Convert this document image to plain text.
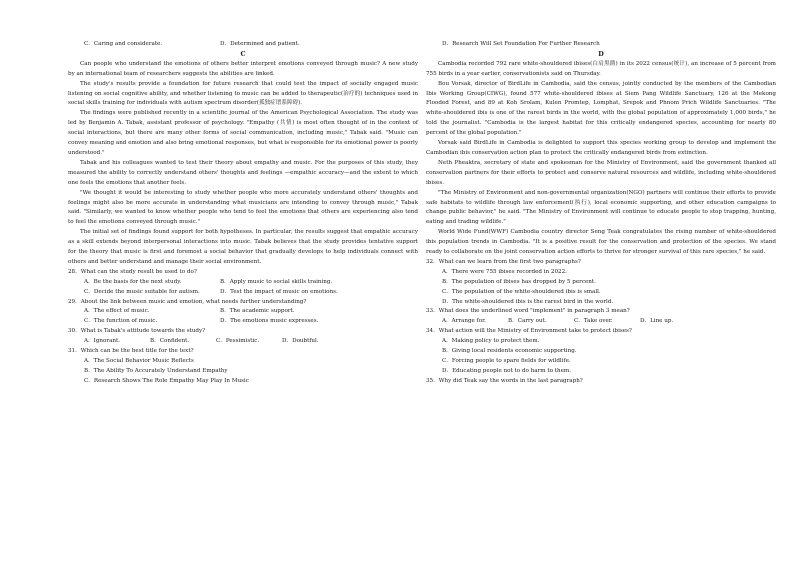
C．Caring and considerate.	D．Determined and patient.

C

Can people who understand the emotions of others better interpret emotions conveyed through music? A new study by an international team of researchers suggests the abilities are linked.

The study's results provide a foundation for future research that could test the impact of socially engaged music listening on social cognitive ability, and whether listening to music can be added to therapeutic(治疗的) techniques used in social skills training for individuals with autism spectrum disorder(孤独症谱系障碍).

The findings were published recently in a scientific journal of the American Psychological Association. The study was led by Benjamin A. Tabak, assistant professor of psychology. "Empathy (共情) is most often thought of in the context of social interactions, but there are many other forms of social communication, including music," Tabak said. "Music can convey meaning and emotion and also bring emotional responses, but what is responsible for its emotional power is poorly understood."

Tabak and his colleagues wanted to test their theory about empathy and music. For the purposes of this study, they measured the ability to correctly understand others' thoughts and feelings —empathic accuracy—and the extent to which one feels the emotions that another feels.

"We thought it would be interesting to study whether people who more accurately understand others' thoughts and feelings might also be more accurate in understanding what musicians are intending to convey through music," Tabak said. "Similarly, we wanted to know whether people who tend to feel the emotions that others are experiencing also tend to feel the emotions conveyed through music."

The initial set of findings found support for both hypotheses. In particular, the results suggest that empathic accuracy as a skill extends beyond interpersonal interactions into music. Tabak believes that the study provides tentative support for the theory that music is first and foremost a social behavior that gradually develops to help individuals connect with others and better understand and manage their social environment.

28．What can the study result be used to do?

A．Be the basis for the next study.	B．Apply music to social skills training.
C．Decide the music suitable for autism.	D．Test the impact of music on emotions.

29．About the link between music and emotion, what needs further understanding?

A．The effect of music.	B．The academic support.
C．The function of music.	D．The emotions music expresses.

30．What is Tabak's attitude towards the study?

A．Ignorant.	B．Confident.	C．Pessimistic.	D．Doubtful.

31．Which can be the best title for the text?

A．The Social Behavior Music Reflects

B．The Ability To Accurately Understand Empathy

C．Research Shows The Role Empathy May Play In Music

D．Research Will Set Foundation For Further Research

D

Cambodia recorded 792 rare white-shouldered ibises(白肩黑鹮) in its 2022 census(统计), an increase of 5 percent from 755 birds in a year earlier, conservationists said on Thursday.

Bou Vorsak, director of BirdLife in Cambodia, said the census, jointly conducted by the members of the Cambodian Ibis Working Group(CIWG), found 577 white-shouldered ibises at Siem Pang Wildlife Sanctuary, 126 at the Mekong Flooded Forest, and 89 at Koh Srolam, Kulen Promtep, Lomphat, Srepok and Phnom Prich Wildlife Sanctuaries. "The white-shouldered ibis is one of the rarest birds in the world, with the global population of approximately 1,000 birds," he told the journalist. "Cambodia is the largest habitat for this critically endangered species, accounting for nearly 80 percent of the global population."

Vorsak said BirdLife in Cambodia is delighted to support this species working group to develop and implement the Cambodian ibis conservation action plan to protect the critically endangered birds from extinction.

Neth Pheaktra, secretary of state and spokesman for the Ministry of Environment, said the government thanked all conservation partners for their efforts to protect and conserve natural resources and wildlife, including white-shouldered ibises.

"The Ministry of Environment and non-governmental organization(NGO) partners will continue their efforts to provide safe habitats to wildlife through law enforcement(执行), local economic supporting, and other education campaigns to change public behavior," he said. "The Ministry of Environment will continue to educate people to stop trapping, hunting, eating and trading wildlife."

World Wide Fund(WWF) Cambodia country director Seng Teak congratulates the rising number of white-shouldered ibis population trends in Cambodia. "It is a positive result for the conservation and protection of the species. We stand ready to collaborate on the joint conservation action efforts to thrive for stronger survival of this rare species," he said.

32．What can we learn from the first two paragraphs?

A．There were 755 ibises recorded in 2022.

B．The population of ibises has dropped by 5 percent.

C．The population of the white-shouldered ibis is small.

D．The white-shouldered ibis is the rarest bird in the world.

33．What does the underlined word "implement" in paragraph 3 mean?

A．Arrange for.	B．Carry out.	C．Take over.	D．Line up.

34．What action will the Ministry of Environment take to protect ibises?

A．Making policy to protect them.

B．Giving local residents economic supporting.

C．Forcing people to spare fields for wildlife.

D．Educating people not to do harm to them.

35．Why did Teak say the words in the last paragraph?
